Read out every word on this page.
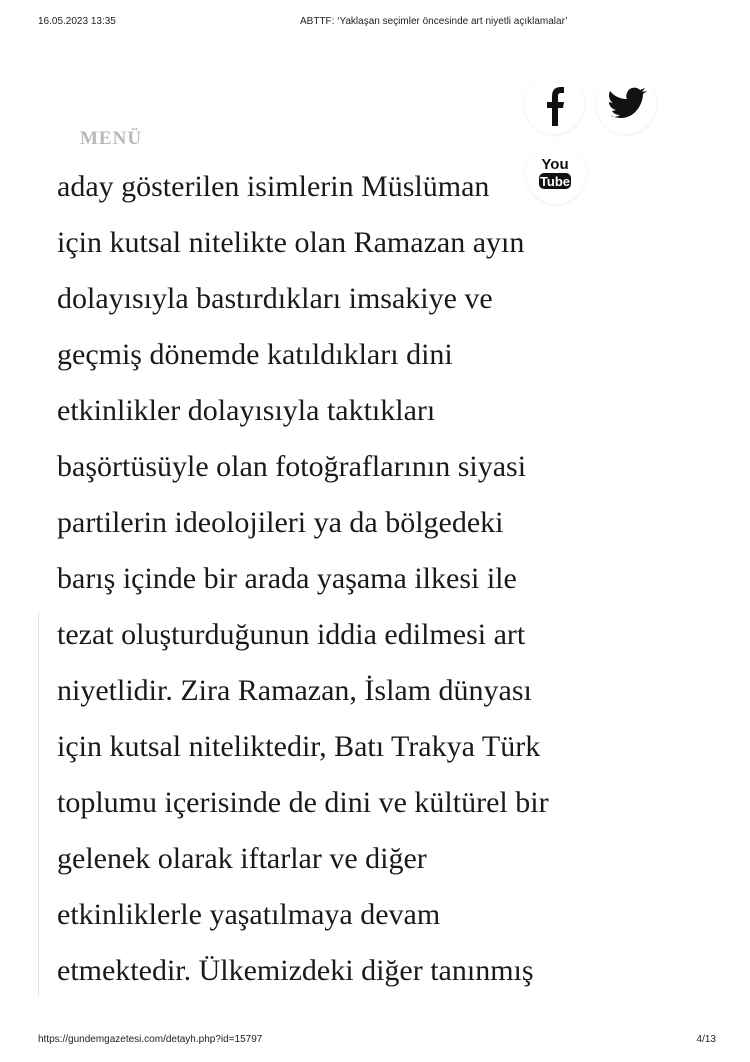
16.05.2023 13:35	ABTTF: ‘Yaklaşan seçimler öncesinde art niyetli açıklamalar’
aday gösterilen isimlerin Müslüman
için kutsal nitelikte olan Ramazan ayın
dolayısıyla bastırdıkları imsakiye ve
geçmiş dönemde katıldıkları dini
etkinlikler dolayısıyla taktıkları
başörtüsüyle olan fotoğraflarının siyasi
partilerin ideolojileri ya da bölgedeki
barış içinde bir arada yaşama ilkesi ile
tezat oluşturduğunun iddia edilmesi art
niyetlidir. Zira Ramazan, İslam dünyası
için kutsal niteliktedir, Batı Trakya Türk
toplumu içerisinde de dini ve kültürel bir
gelenek olarak iftarlar ve diğer
etkinliklerle yaşatılmaya devam
etmektedir. Ülkemizdeki diğer tanınmış
MENÜ
You
Tube
https://gundemgazetesi.com/detayh.php?id=15797	4/13
